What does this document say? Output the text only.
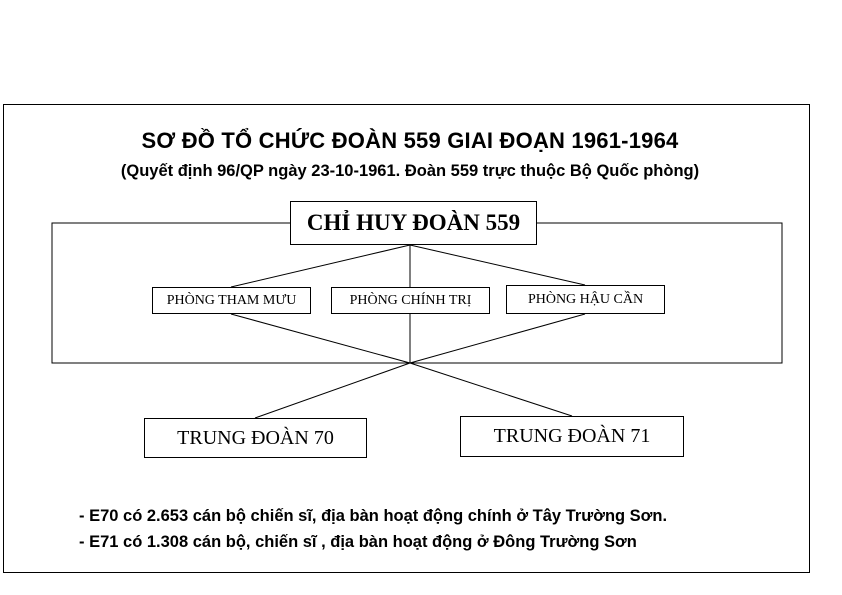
SƠ ĐỒ TỔ CHỨC ĐOÀN 559 GIAI ĐOẠN 1961-1964
(Quyết định 96/QP ngày 23-10-1961. Đoàn 559 trực thuộc Bộ Quốc phòng)
CHỈ HUY ĐOÀN 559
PHÒNG THAM MƯU	PHÒNG CHÍNH TRỊ	PHÒNG HẬU CẦN
TRUNG ĐOÀN 70	TRUNG ĐOÀN 71
- E70 có 2.653 cán bộ chiến sĩ, địa bàn hoạt động chính ở Tây Trường Sơn.
- E71 có 1.308 cán bộ, chiến sĩ , địa bàn hoạt động ở Đông Trường Sơn
